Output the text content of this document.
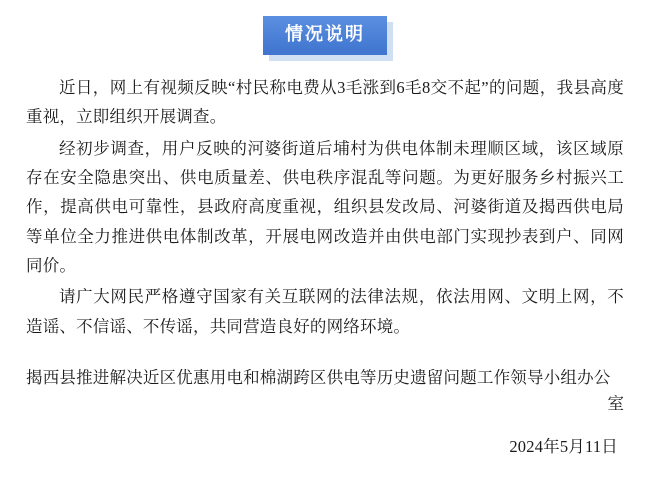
情况说明

近日，网上有视频反映“村民称电费从3毛涨到6毛8交不起”的问题，我县高度重视，立即组织开展调查。

经初步调查，用户反映的河婆街道后埔村为供电体制未理顺区域，该区域原存在安全隐患突出、供电质量差、供电秩序混乱等问题。为更好服务乡村振兴工作，提高供电可靠性，县政府高度重视，组织县发改局、河婆街道及揭西供电局等单位全力推进供电体制改革，开展电网改造并由供电部门实现抄表到户、同网同价。

请广大网民严格遵守国家有关互联网的法律法规，依法用网、文明上网，不造谣、不信谣、不传谣，共同营造良好的网络环境。

揭西县推进解决近区优惠用电和棉湖跨区供电等历史遗留问题工作领导小组办公
室
2024年5月11日
